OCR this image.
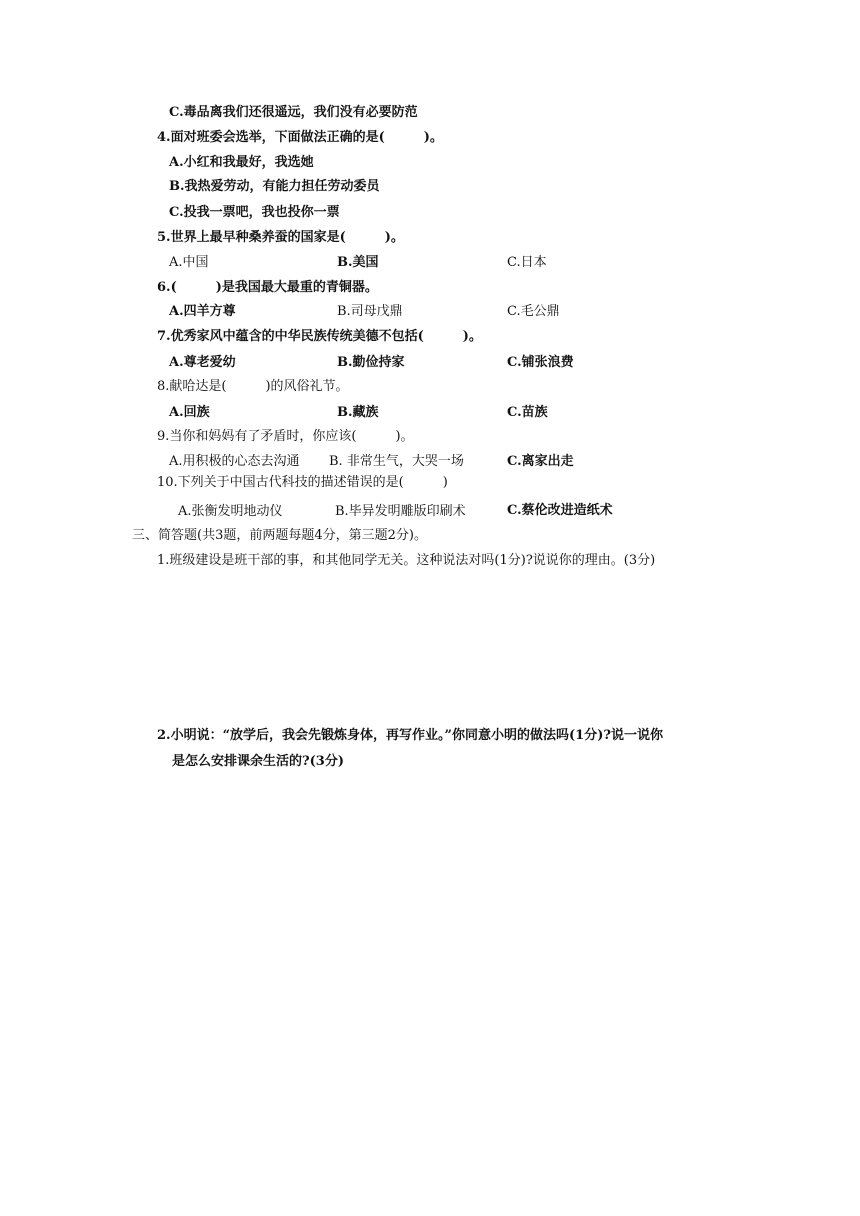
C.毒品离我们还很遥远，我们没有必要防范
4.面对班委会选举，下面做法正确的是(　　　)。
A.小红和我最好，我选她
B.我热爱劳动，有能力担任劳动委员
C.投我一票吧，我也投你一票
5.世界上最早种桑养蚕的国家是(　　　)。
A.中国	B.美国	C.日本
6.(　　　)是我国最大最重的青铜器。
A.四羊方尊	B.司母戊鼎	C.毛公鼎
7.优秀家风中蕴含的中华民族传统美德不包括(　　　)。
A.尊老爱幼	B.勤俭持家	C.铺张浪费
8.献哈达是(　　　)的风俗礼节。
A.回族	B.藏族	C.苗族
9.当你和妈妈有了矛盾时，你应该(　　　)。
A.用积极的心态去沟通 B. 非常生气，大哭一场	C.离家出走
10.下列关于中国古代科技的描述错误的是(　　　)
A.张衡发明地动仪	B.毕异发明雕版印刷术	C.蔡伦改进造纸术
三、简答题(共3题，前两题每题4分，第三题2分)。
1.班级建设是班干部的事，和其他同学无关。这种说法对吗(1分)?说说你的理由。(3分)
2.小明说：“放学后，我会先锻炼身体，再写作业。”你同意小明的做法吗(1分)?说一说你
是怎么安排课余生活的?(3分)
